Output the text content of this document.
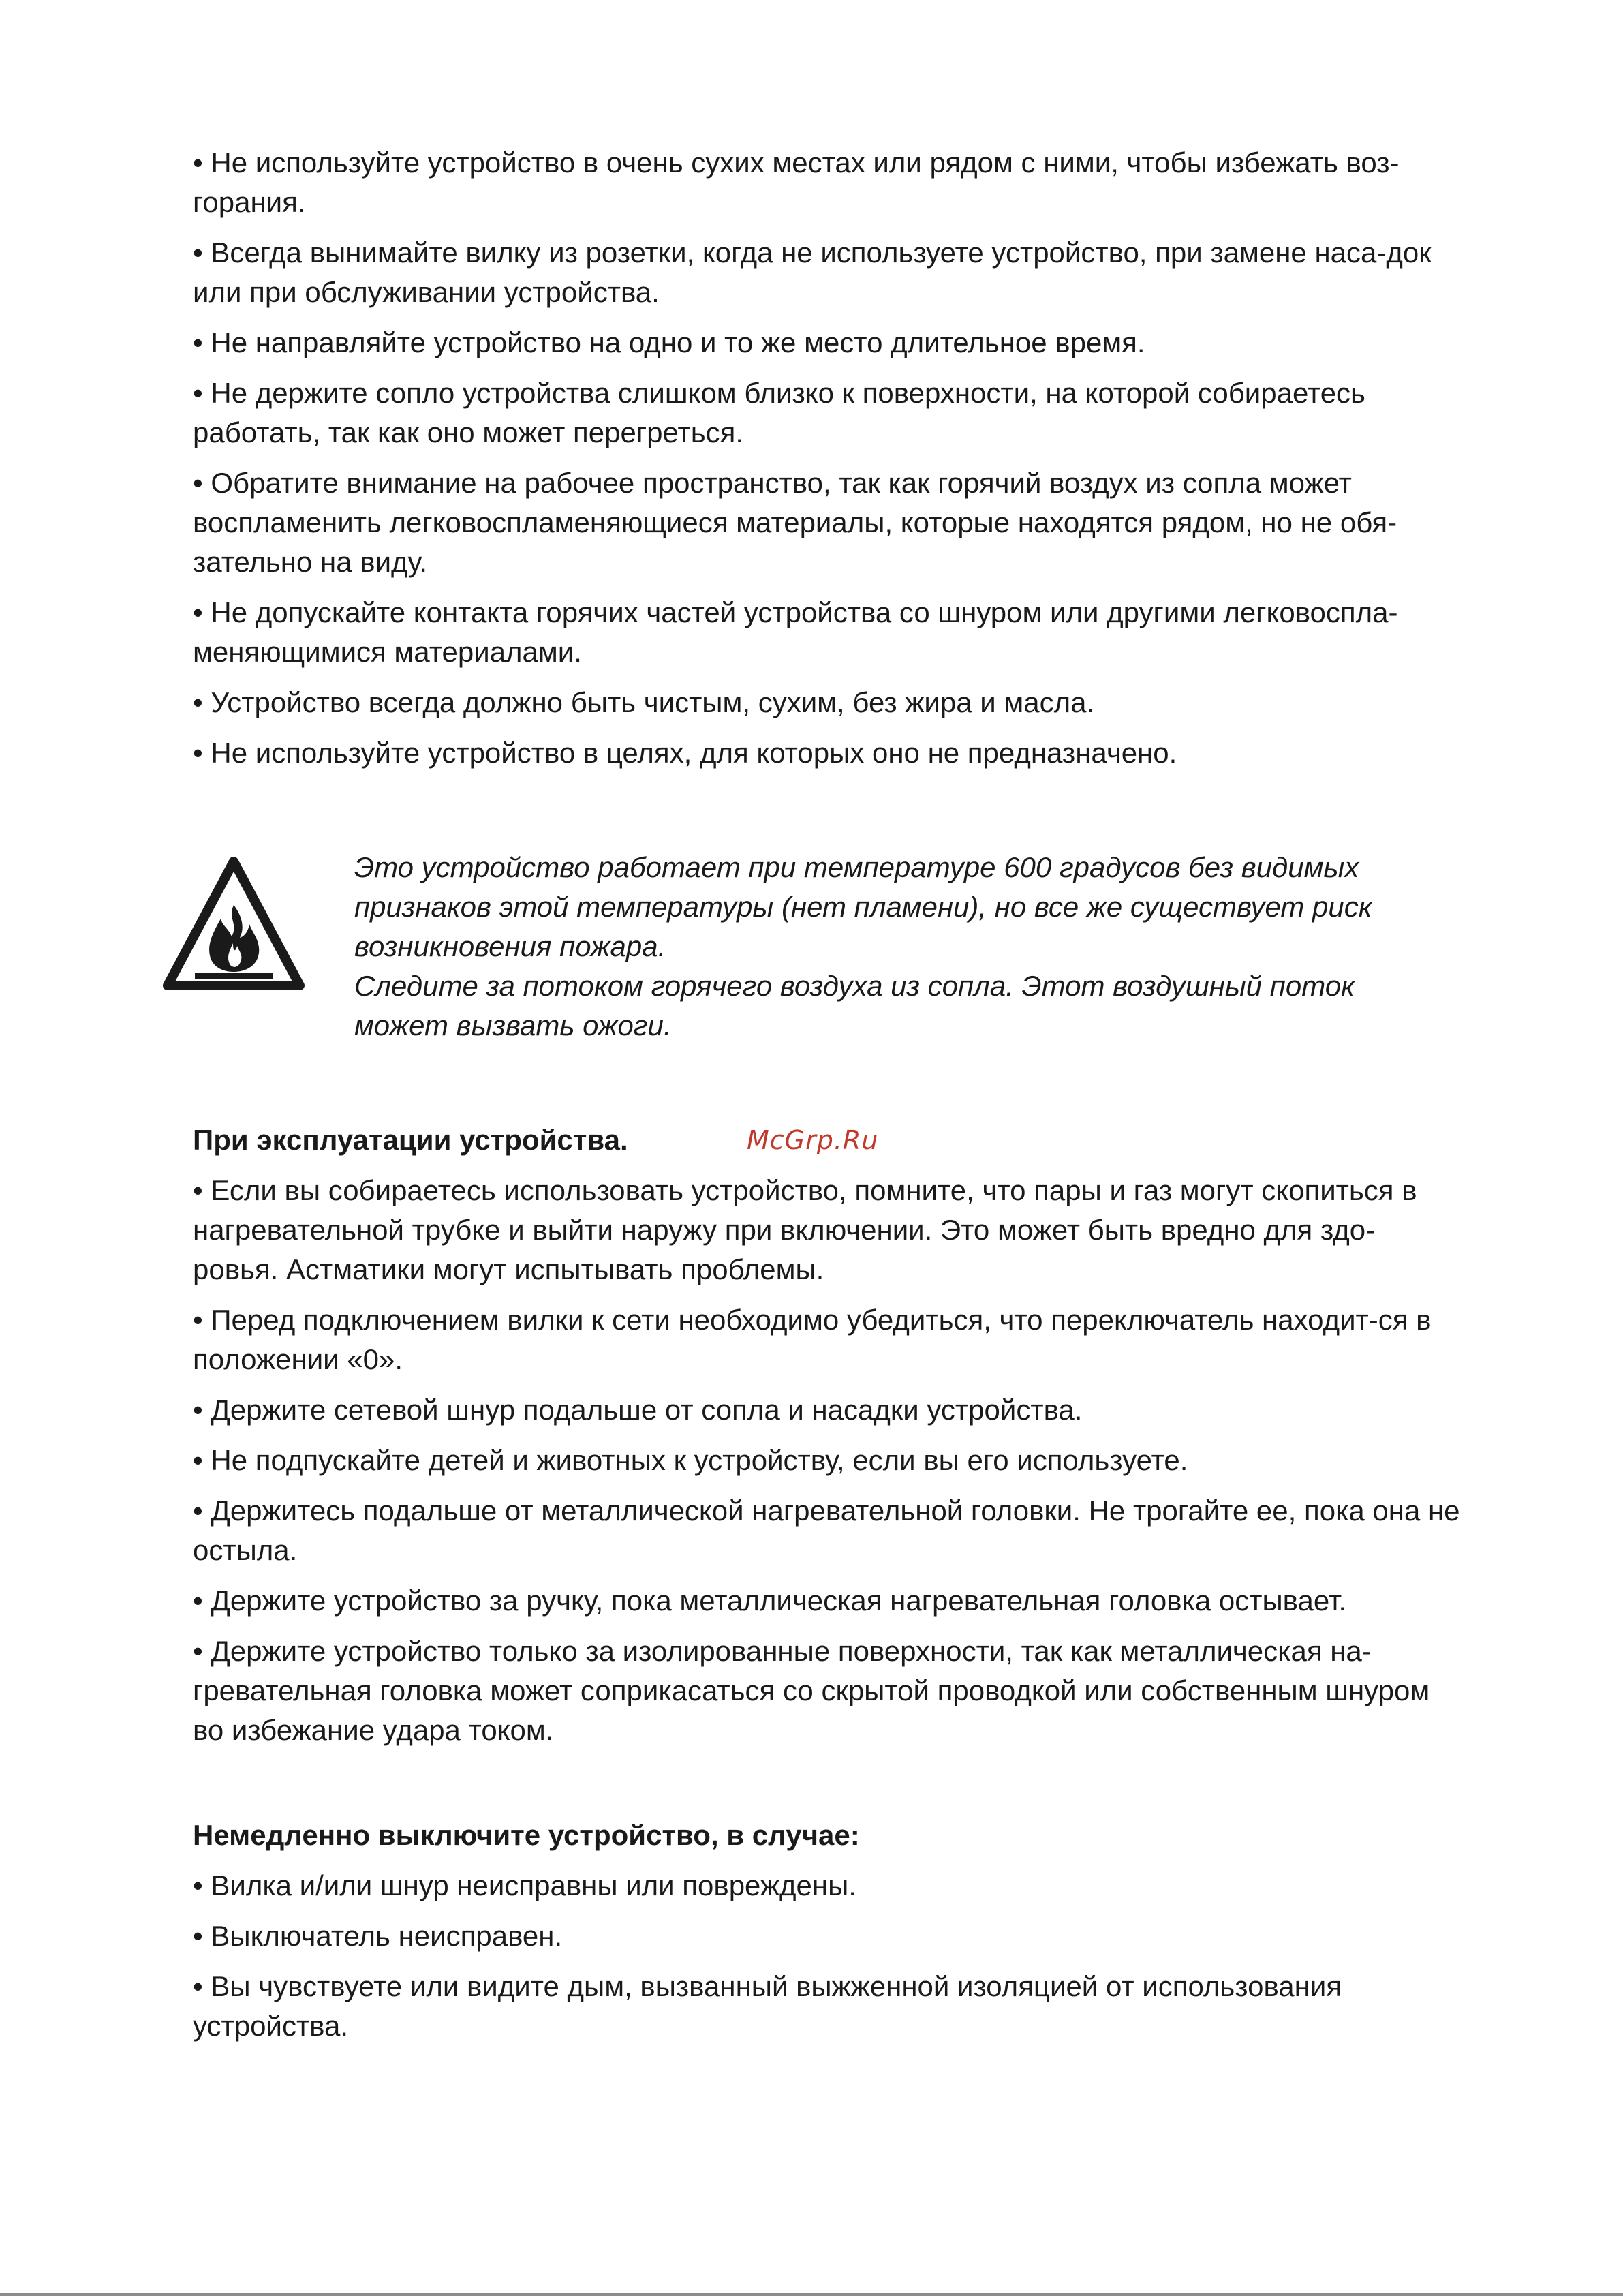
• Не используйте устройство в очень сухих местах или рядом с ними, чтобы избежать воз-горания.

• Всегда вынимайте вилку из розетки, когда не используете устройство, при замене наса-док или при обслуживании устройства.

• Не направляйте устройство на одно и то же место длительное время.

• Не держите сопло устройства слишком близко к поверхности, на которой собираетесь работать, так как оно может перегреться.

• Обратите внимание на рабочее пространство, так как горячий воздух из сопла может воспламенить легковоспламеняющиеся материалы, которые находятся рядом, но не обя-зательно на виду.

• Не допускайте контакта горячих частей устройства со шнуром или другими легковоспла-меняющимися материалами.

• Устройство всегда должно быть чистым, сухим, без жира и масла.

• Не используйте устройство в целях, для которых оно не предназначено.

Это устройство работает при температуре 600 градусов без видимых признаков этой температуры (нет пламени), но все же существует риск возникновения пожара.

Следите за потоком горячего воздуха из сопла. Этот воздушный поток может вызвать ожоги.

При эксплуатации устройства.	McGrp.Ru

• Если вы собираетесь использовать устройство, помните, что пары и газ могут скопиться в нагревательной трубке и выйти наружу при включении. Это может быть вредно для здо-ровья. Астматики могут испытывать проблемы.

• Перед подключением вилки к сети необходимо убедиться, что переключатель находит-ся в положении «0».

• Держите сетевой шнур подальше от сопла и насадки устройства.

• Не подпускайте детей и животных к устройству, если вы его используете.

• Держитесь подальше от металлической нагревательной головки. Не трогайте ее, пока она не остыла.

• Держите устройство за ручку, пока металлическая нагревательная головка остывает.

• Держите устройство только за изолированные поверхности, так как металлическая на-гревательная головка может соприкасаться со скрытой проводкой или собственным шнуром во избежание удара током.

Немедленно выключите устройство, в случае:

• Вилка и/или шнур неисправны или повреждены.

• Выключатель неисправен.

• Вы чувствуете или видите дым, вызванный выжженной изоляцией от использования устройства.
